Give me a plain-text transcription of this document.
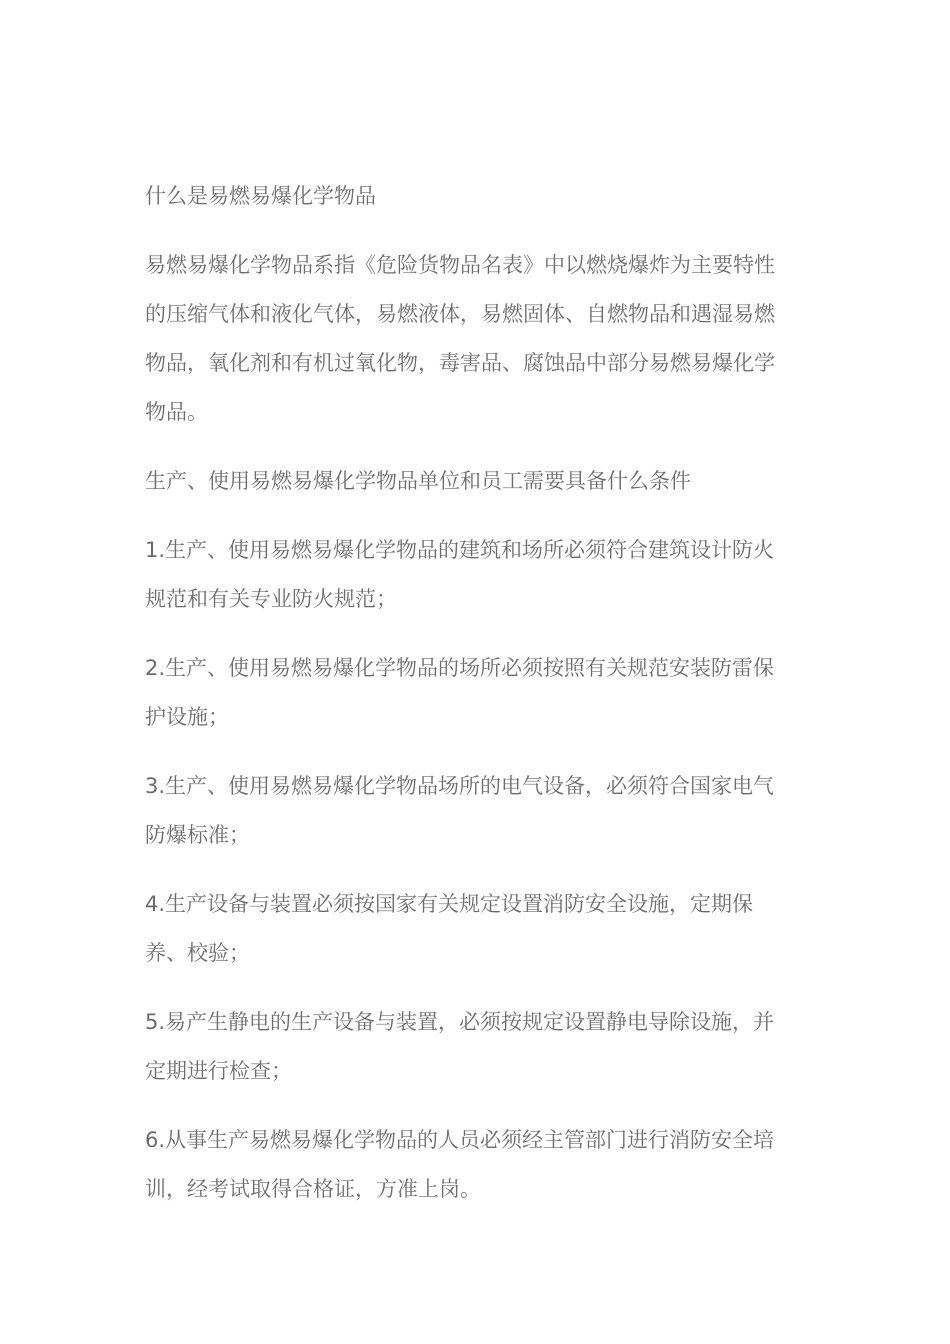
什么是易燃易爆化学物品

易燃易爆化学物品系指《危险货物品名表》中以燃烧爆炸为主要特性的压缩气体和液化气体，易燃液体，易燃固体、自燃物品和遇湿易燃物品，氧化剂和有机过氧化物，毒害品、腐蚀品中部分易燃易爆化学物品。

生产、使用易燃易爆化学物品单位和员工需要具备什么条件

1.生产、使用易燃易爆化学物品的建筑和场所必须符合建筑设计防火规范和有关专业防火规范；

2.生产、使用易燃易爆化学物品的场所必须按照有关规范安装防雷保护设施；

3.生产、使用易燃易爆化学物品场所的电气设备，必须符合国家电气防爆标准；

4.生产设备与装置必须按国家有关规定设置消防安全设施，定期保养、校验；

5.易产生静电的生产设备与装置，必须按规定设置静电导除设施，并定期进行检查；

6.从事生产易燃易爆化学物品的人员必须经主管部门进行消防安全培训，经考试取得合格证，方准上岗。
